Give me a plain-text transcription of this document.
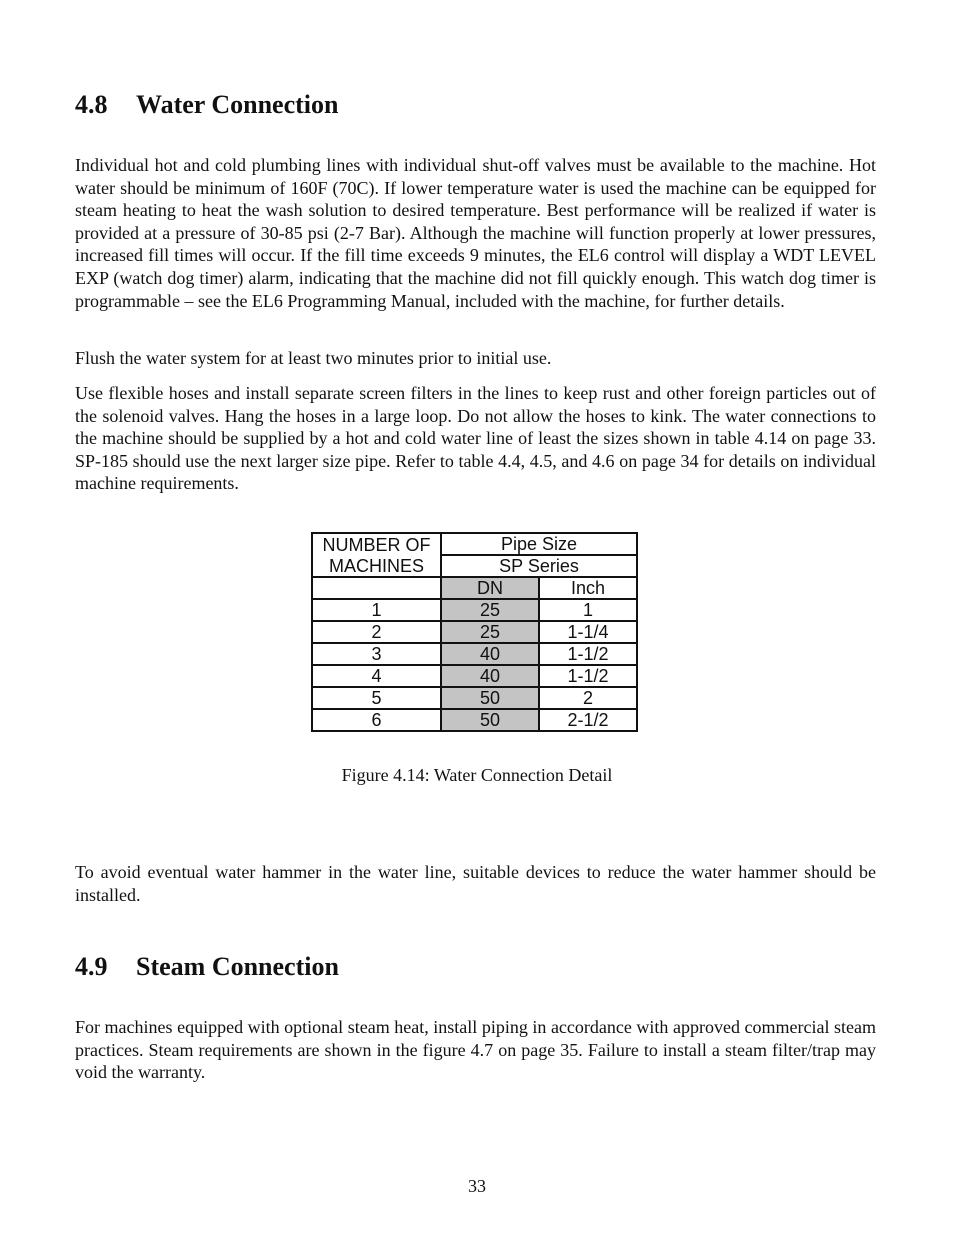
4.8 Water Connection

Individual hot and cold plumbing lines with individual shut-off valves must be available to the machine. Hot water should be minimum of 160F (70C). If lower temperature water is used the machine can be equipped for steam heating to heat the wash solution to desired temperature. Best performance will be realized if water is provided at a pressure of 30-85 psi (2-7 Bar). Although the machine will function properly at lower pressures, increased fill times will occur. If the fill time exceeds 9 minutes, the EL6 control will display a WDT LEVEL EXP (watch dog timer) alarm, indicating that the machine did not fill quickly enough. This watch dog timer is programmable – see the EL6 Programming Manual, included with the machine, for further details.

Flush the water system for at least two minutes prior to initial use.

Use flexible hoses and install separate screen filters in the lines to keep rust and other foreign particles out of the solenoid valves. Hang the hoses in a large loop. Do not allow the hoses to kink. The water connections to the machine should be supplied by a hot and cold water line of least the sizes shown in table 4.14 on page 33. SP-185 should use the next larger size pipe. Refer to table 4.4, 4.5, and 4.6 on page 34 for details on individual machine requirements.

NUMBER OF	Pipe Size	
MACHINES	SP Series	
	DN	Inch
1	25	1
2	25	1-1/4
3	40	1-1/2
4	40	1-1/2
5	50	2
6	50	2-1/2

Figure 4.14: Water Connection Detail

To avoid eventual water hammer in the water line, suitable devices to reduce the water hammer should be installed.

4.9 Steam Connection

For machines equipped with optional steam heat, install piping in accordance with approved commercial steam practices. Steam requirements are shown in the figure 4.7 on page 35. Failure to install a steam filter/trap may void the warranty.

33
